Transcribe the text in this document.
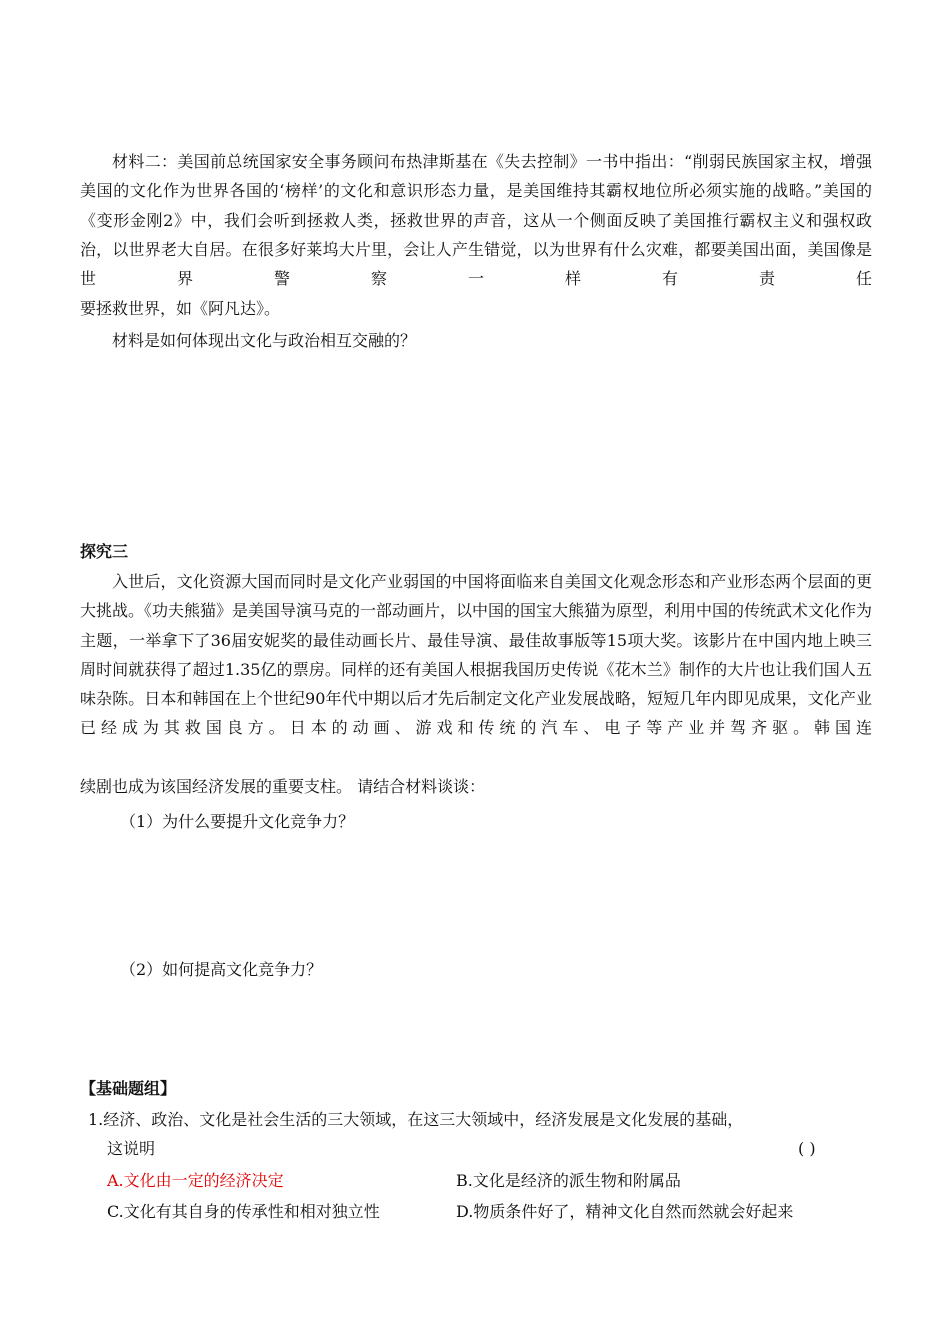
材料二：美国前总统国家安全事务顾问布热津斯基在《失去控制》一书中指出：“削弱民族国家主权，增强美国的文化作为世界各国的‘榜样’的文化和意识形态力量，是美国维持其霸权地位所必须实施的战略。”美国的《变形金刚2》中，我们会听到拯救人类，拯救世界的声音，这从一个侧面反映了美国推行霸权主义和强权政治，以世界老大自居。在很多好莱坞大片里，会让人产生错觉，以为世界有什么灾难，都要美国出面，美国像是世界警察一样有责任

要拯救世界，如《阿凡达》。

材料是如何体现出文化与政治相互交融的？

探究三

入世后，文化资源大国而同时是文化产业弱国的中国将面临来自美国文化观念形态和产业形态两个层面的更大挑战。《功夫熊猫》是美国导演马克的一部动画片，以中国的国宝大熊猫为原型，利用中国的传统武术文化作为主题，一举拿下了36届安妮奖的最佳动画长片、最佳导演、最佳故事版等15项大奖。该影片在中国内地上映三周时间就获得了超过1.35亿的票房。同样的还有美国人根据我国历史传说《花木兰》制作的大片也让我们国人五味杂陈。日本和韩国在上个世纪90年代中期以后才先后制定文化产业发展战略，短短几年内即见成果，文化产业已经成为其救国良方。日本的动画、游戏和传统的汽车、电子等产业并驾齐驱。韩国连

续剧也成为该国经济发展的重要支柱。 请结合材料谈谈：

（1）为什么要提升文化竞争力？
（2）如何提高文化竞争力？
【基础题组】
1.经济、政治、文化是社会生活的三大领域，在这三大领域中，经济发展是文化发展的基础，
这说明	( )
A.文化由一定的经济决定	B.文化是经济的派生物和附属品
C.文化有其自身的传承性和相对独立性	D.物质条件好了，精神文化自然而然就会好起来
